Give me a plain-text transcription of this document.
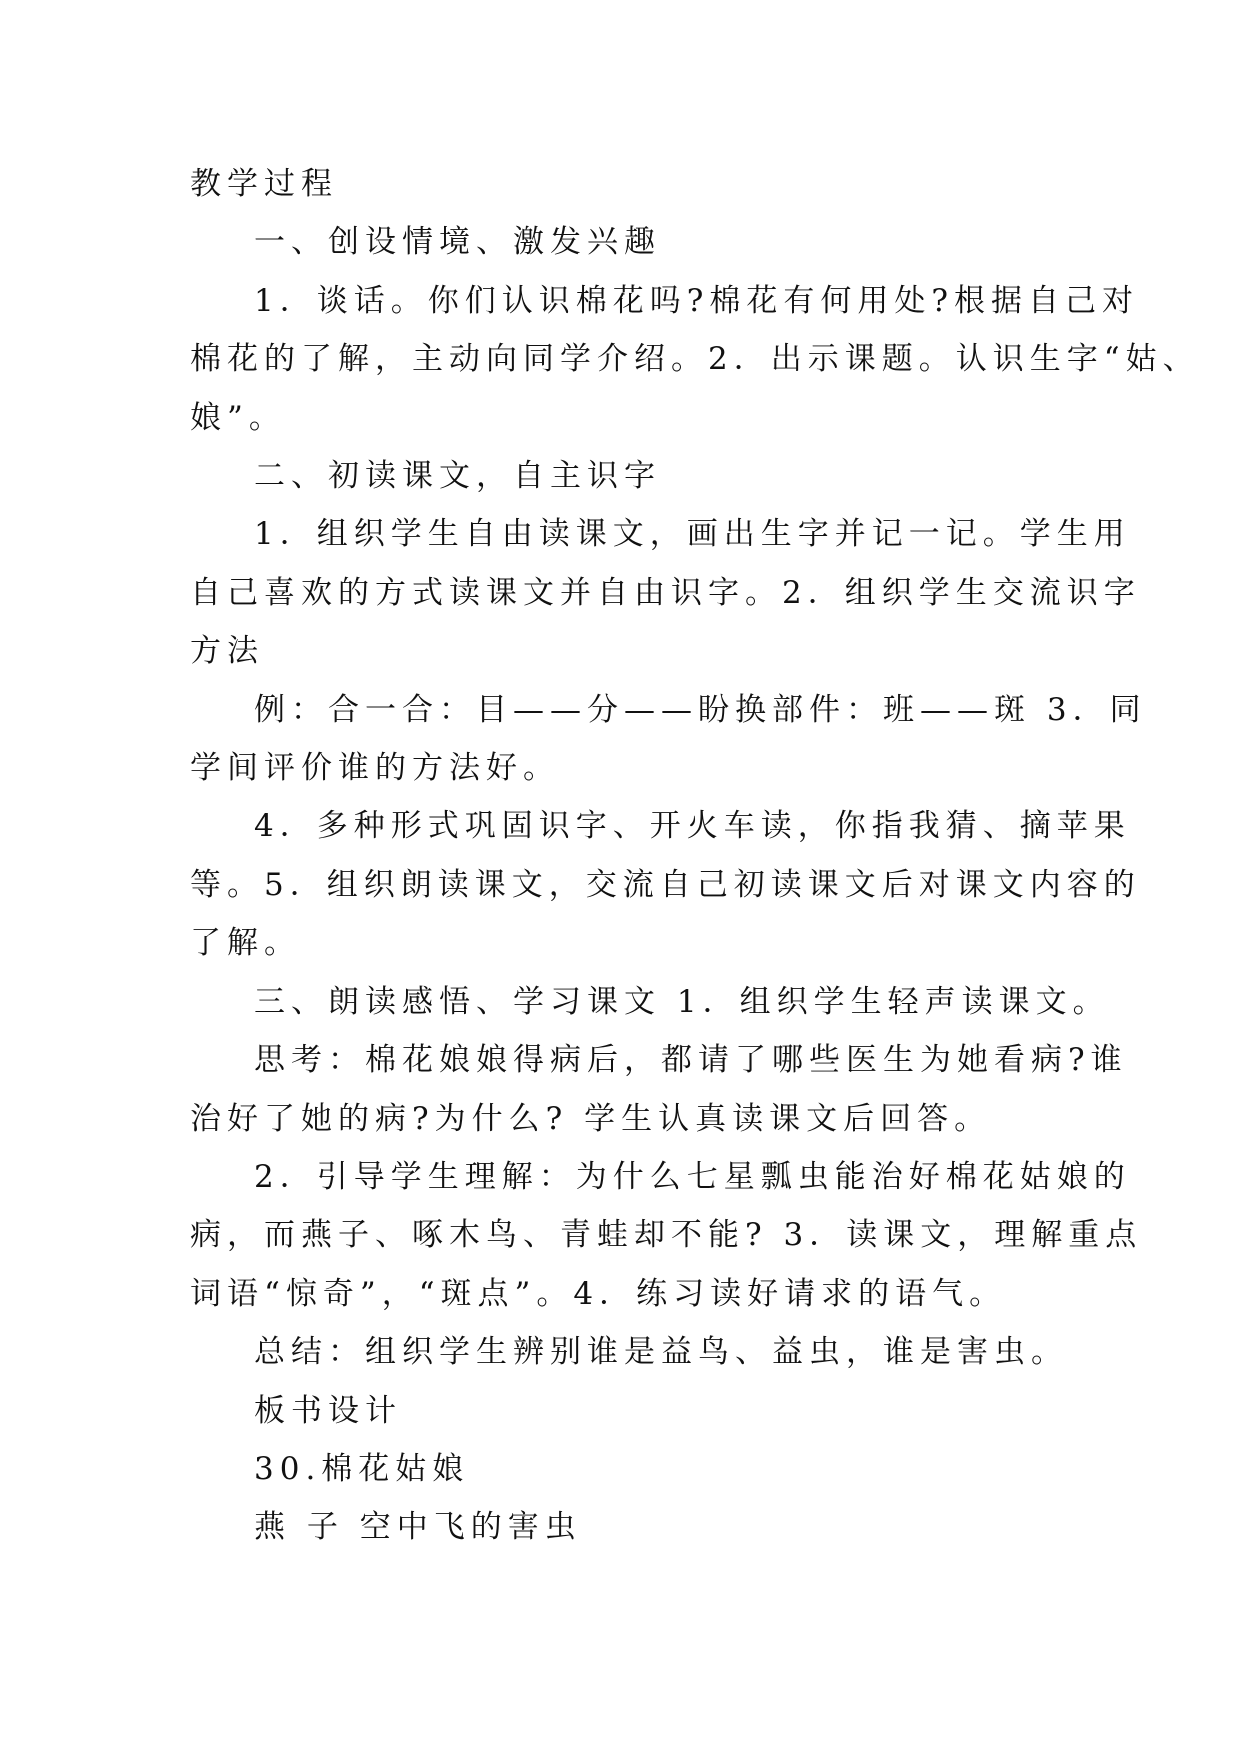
教学过程

一、创设情境、激发兴趣

1．谈话。你们认识棉花吗?棉花有何用处?根据自己对

棉花的了解，主动向同学介绍。2．出示课题。认识生字“姑、

娘”。

二、初读课文，自主识字

1．组织学生自由读课文，画出生字并记一记。学生用

自己喜欢的方式读课文并自由识字。2．组织学生交流识字

方法

例：合一合：目——分——盼换部件：班——斑 3．同

学间评价谁的方法好。

4．多种形式巩固识字、开火车读，你指我猜、摘苹果

等。5．组织朗读课文，交流自己初读课文后对课文内容的

了解。

三、朗读感悟、学习课文 1．组织学生轻声读课文。

思考：棉花娘娘得病后，都请了哪些医生为她看病?谁

治好了她的病?为什么? 学生认真读课文后回答。

2．引导学生理解：为什么七星瓢虫能治好棉花姑娘的

病，而燕子、啄木鸟、青蛙却不能? 3．读课文，理解重点

词语“惊奇”，“斑点”。4．练习读好请求的语气。

总结：组织学生辨别谁是益鸟、益虫，谁是害虫。

板书设计

30.棉花姑娘

燕 子 空中飞的害虫
